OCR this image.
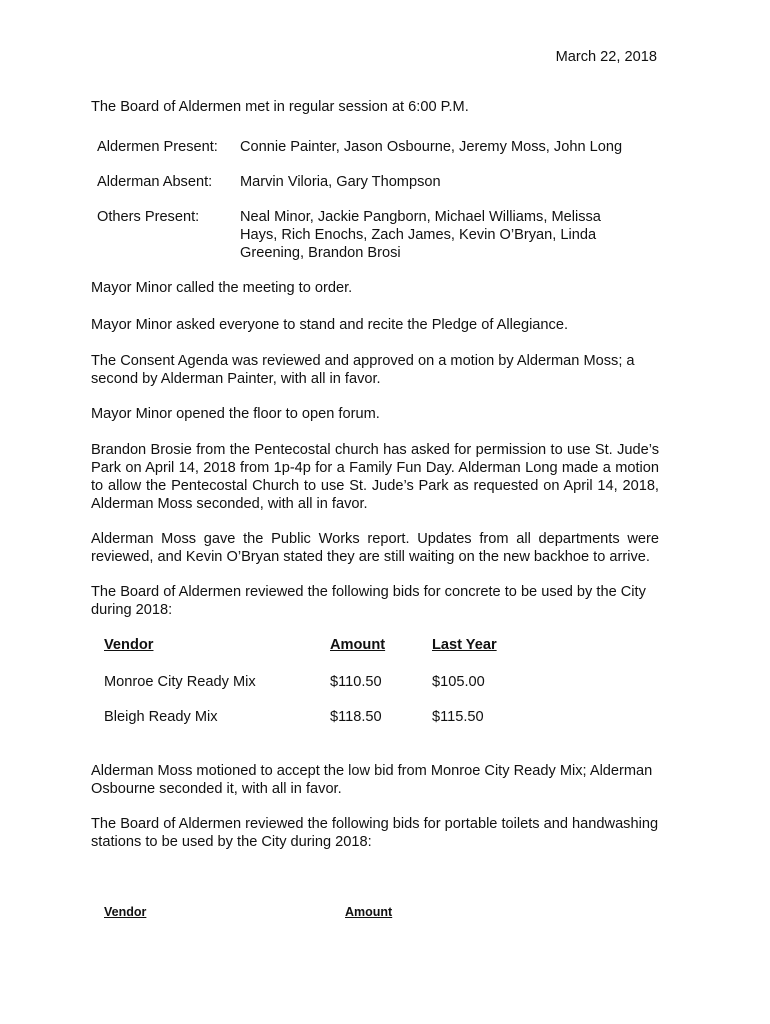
March 22, 2018

The Board of Aldermen met in regular session at 6:00 P.M.

Aldermen Present:	Connie Painter, Jason Osbourne, Jeremy Moss, John Long
Alderman Absent:	Marvin Viloria, Gary Thompson
Others Present:	Neal Minor, Jackie Pangborn, Michael Williams, Melissa
Hays, Rich Enochs, Zach James, Kevin O’Bryan, Linda
Greening, Brandon Brosi

Mayor Minor called the meeting to order.

Mayor Minor asked everyone to stand and recite the Pledge of Allegiance.

The Consent Agenda was reviewed and approved on a motion by Alderman Moss; a second by Alderman Painter, with all in favor.

Mayor Minor opened the floor to open forum.

Brandon Brosie from the Pentecostal church has asked for permission to use St. Jude’s Park on April 14, 2018 from 1p-4p for a Family Fun Day. Alderman Long made a motion to allow the Pentecostal Church to use St. Jude’s Park as requested on April 14, 2018, Alderman Moss seconded, with all in favor.

Alderman Moss gave the Public Works report. Updates from all departments were reviewed, and Kevin O’Bryan stated they are still waiting on the new backhoe to arrive.

The Board of Aldermen reviewed the following bids for concrete to be used by the City during 2018:

Vendor	Amount	Last Year
Monroe City Ready Mix	$110.50	$105.00
Bleigh Ready Mix	$118.50	$115.50

Alderman Moss motioned to accept the low bid from Monroe City Ready Mix; Alderman Osbourne seconded it, with all in favor.

The Board of Aldermen reviewed the following bids for portable toilets and handwashing stations to be used by the City during 2018:

Vendor	Amount
